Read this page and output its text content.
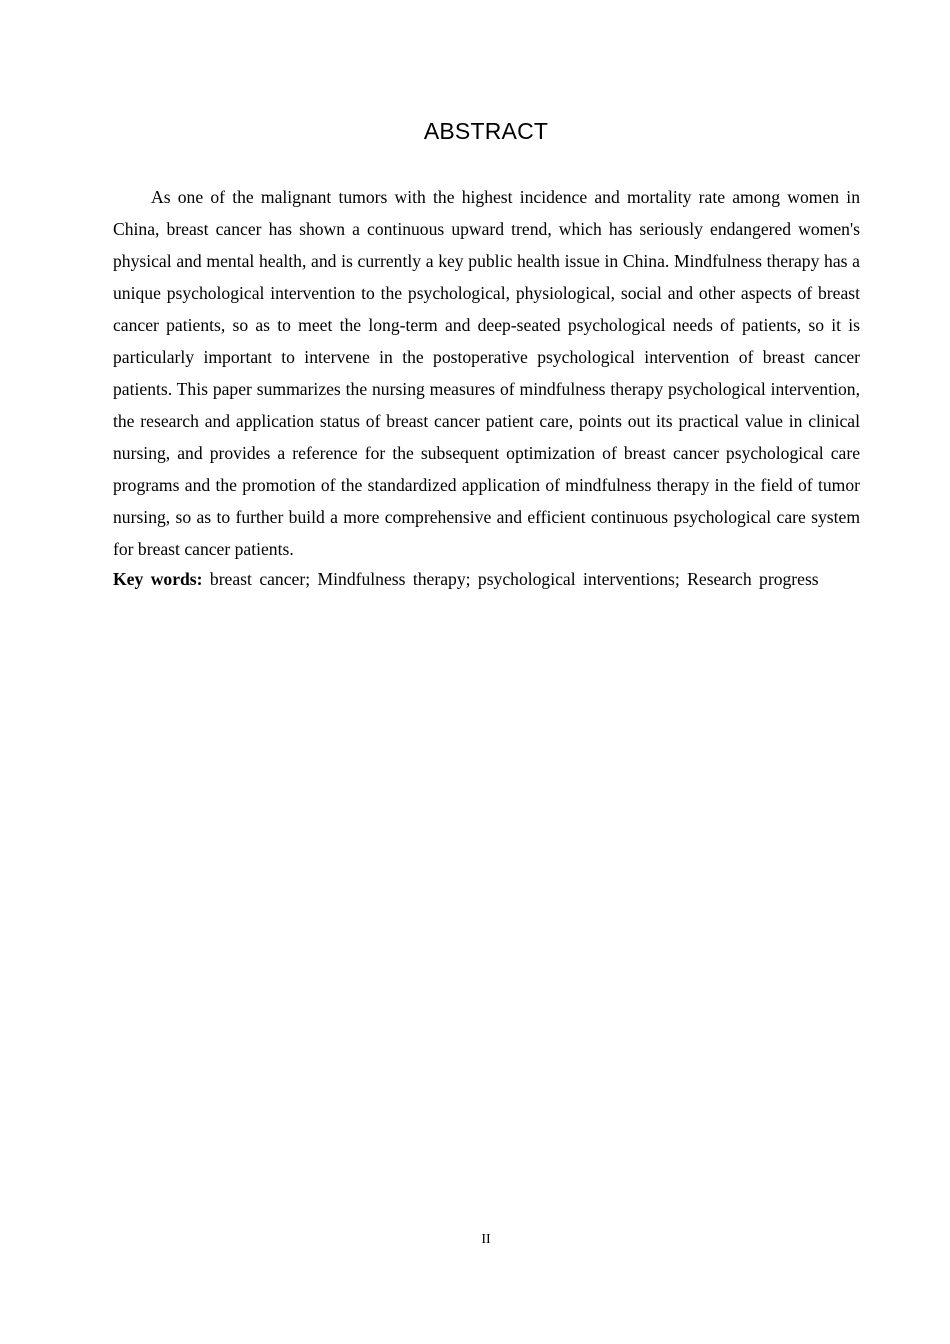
ABSTRACT

As one of the malignant tumors with the highest incidence and mortality rate among women in China, breast cancer has shown a continuous upward trend, which has seriously endangered women's physical and mental health, and is currently a key public health issue in China. Mindfulness therapy has a unique psychological intervention to the psychological, physiological, social and other aspects of breast cancer patients, so as to meet the long-term and deep-seated psychological needs of patients, so it is particularly important to intervene in the postoperative psychological intervention of breast cancer patients. This paper summarizes the nursing measures of mindfulness therapy psychological intervention, the research and application status of breast cancer patient care, points out its practical value in clinical nursing, and provides a reference for the subsequent optimization of breast cancer psychological care programs and the promotion of the standardized application of mindfulness therapy in the field of tumor nursing, so as to further build a more comprehensive and efficient continuous psychological care system for breast cancer patients.

Key words: breast cancer; Mindfulness therapy; psychological interventions; Research progress

II
